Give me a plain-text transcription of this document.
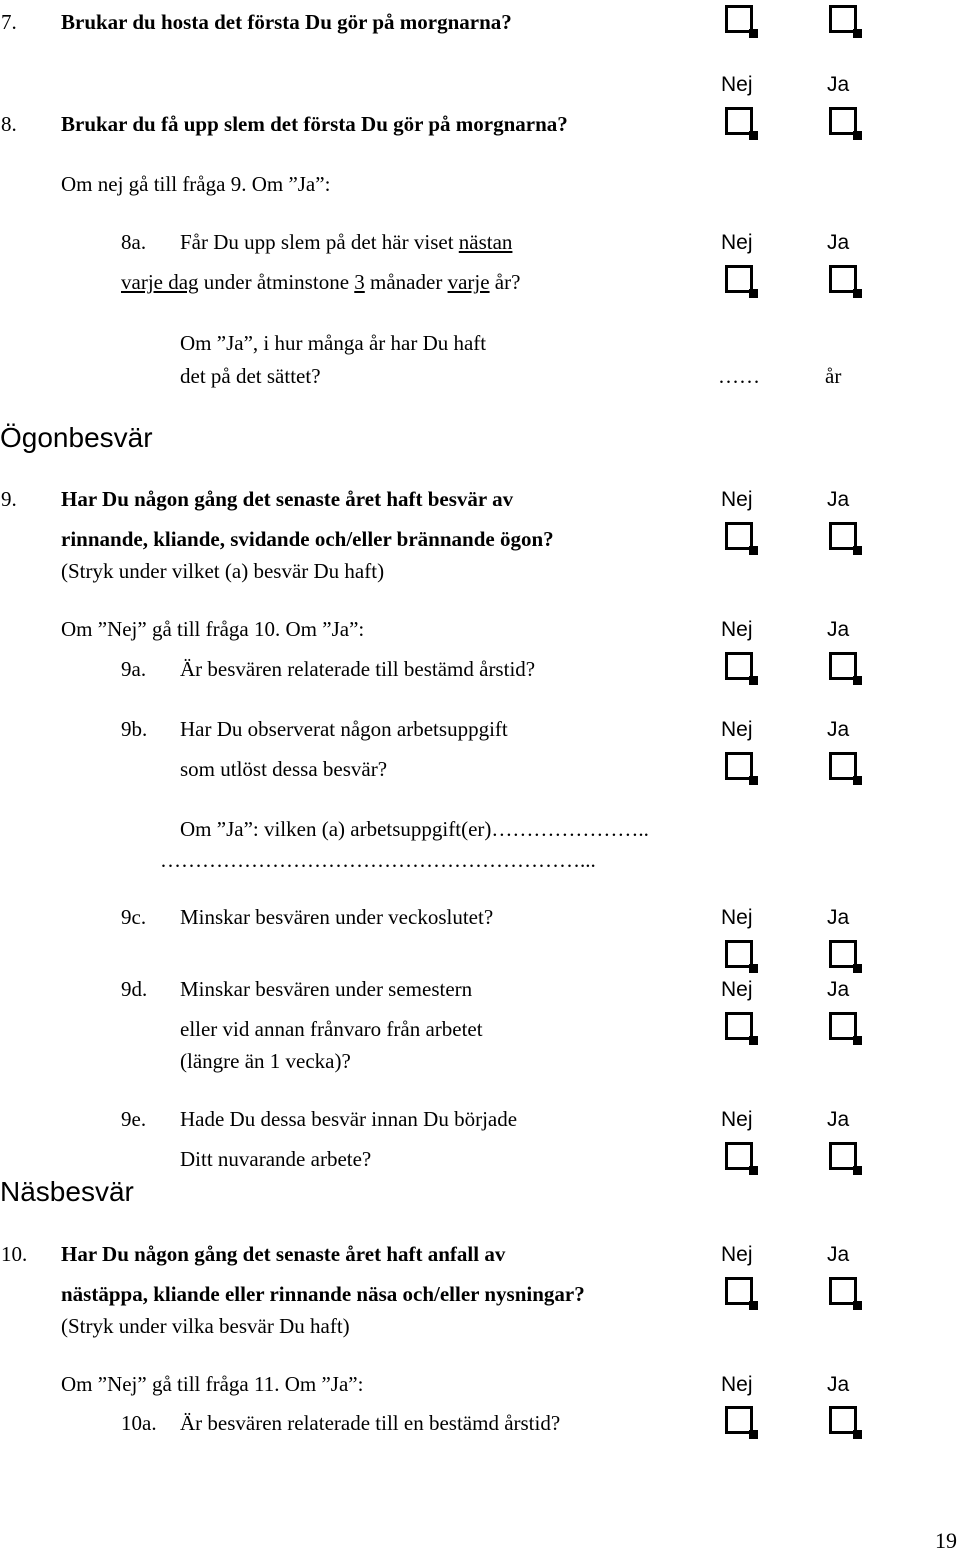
7. Brukar du hosta det första Du gör på morgnarna?
Nej	Ja
8. Brukar du få upp slem det första Du gör på morgnarna?
Om nej gå till fråga 9. Om ”Ja”:
8a. Får Du upp slem på det här viset nästan	Nej	Ja
varje dag under åtminstone 3 månader varje år?
Om ”Ja”, i hur många år har Du haft
det på det sättet?	……	år
Ögonbesvär
9. Har Du någon gång det senaste året haft besvär av	Nej	Ja
rinnande, kliande, svidande och/eller brännande ögon?
(Stryk under vilket (a) besvär Du haft)
Om ”Nej” gå till fråga 10. Om ”Ja”:	Nej	Ja
9a. Är besvären relaterade till bestämd årstid?
9b. Har Du observerat någon arbetsuppgift	Nej	Ja
som utlöst dessa besvär?
Om ”Ja”: vilken (a) arbetsuppgift(er)…………………..
……………………………………………………...
9c. Minskar besvären under veckoslutet?	Nej	Ja
9d. Minskar besvären under semestern	Nej	Ja
eller vid annan frånvaro från arbetet
(längre än 1 vecka)?
9e. Hade Du dessa besvär innan Du började	Nej	Ja
Ditt nuvarande arbete?
Näsbesvär
10. Har Du någon gång det senaste året haft anfall av	Nej	Ja
nästäppa, kliande eller rinnande näsa och/eller nysningar?
(Stryk under vilka besvär Du haft)
Om ”Nej” gå till fråga 11. Om ”Ja”:	Nej	Ja
10a. Är besvären relaterade till en bestämd årstid?
19
